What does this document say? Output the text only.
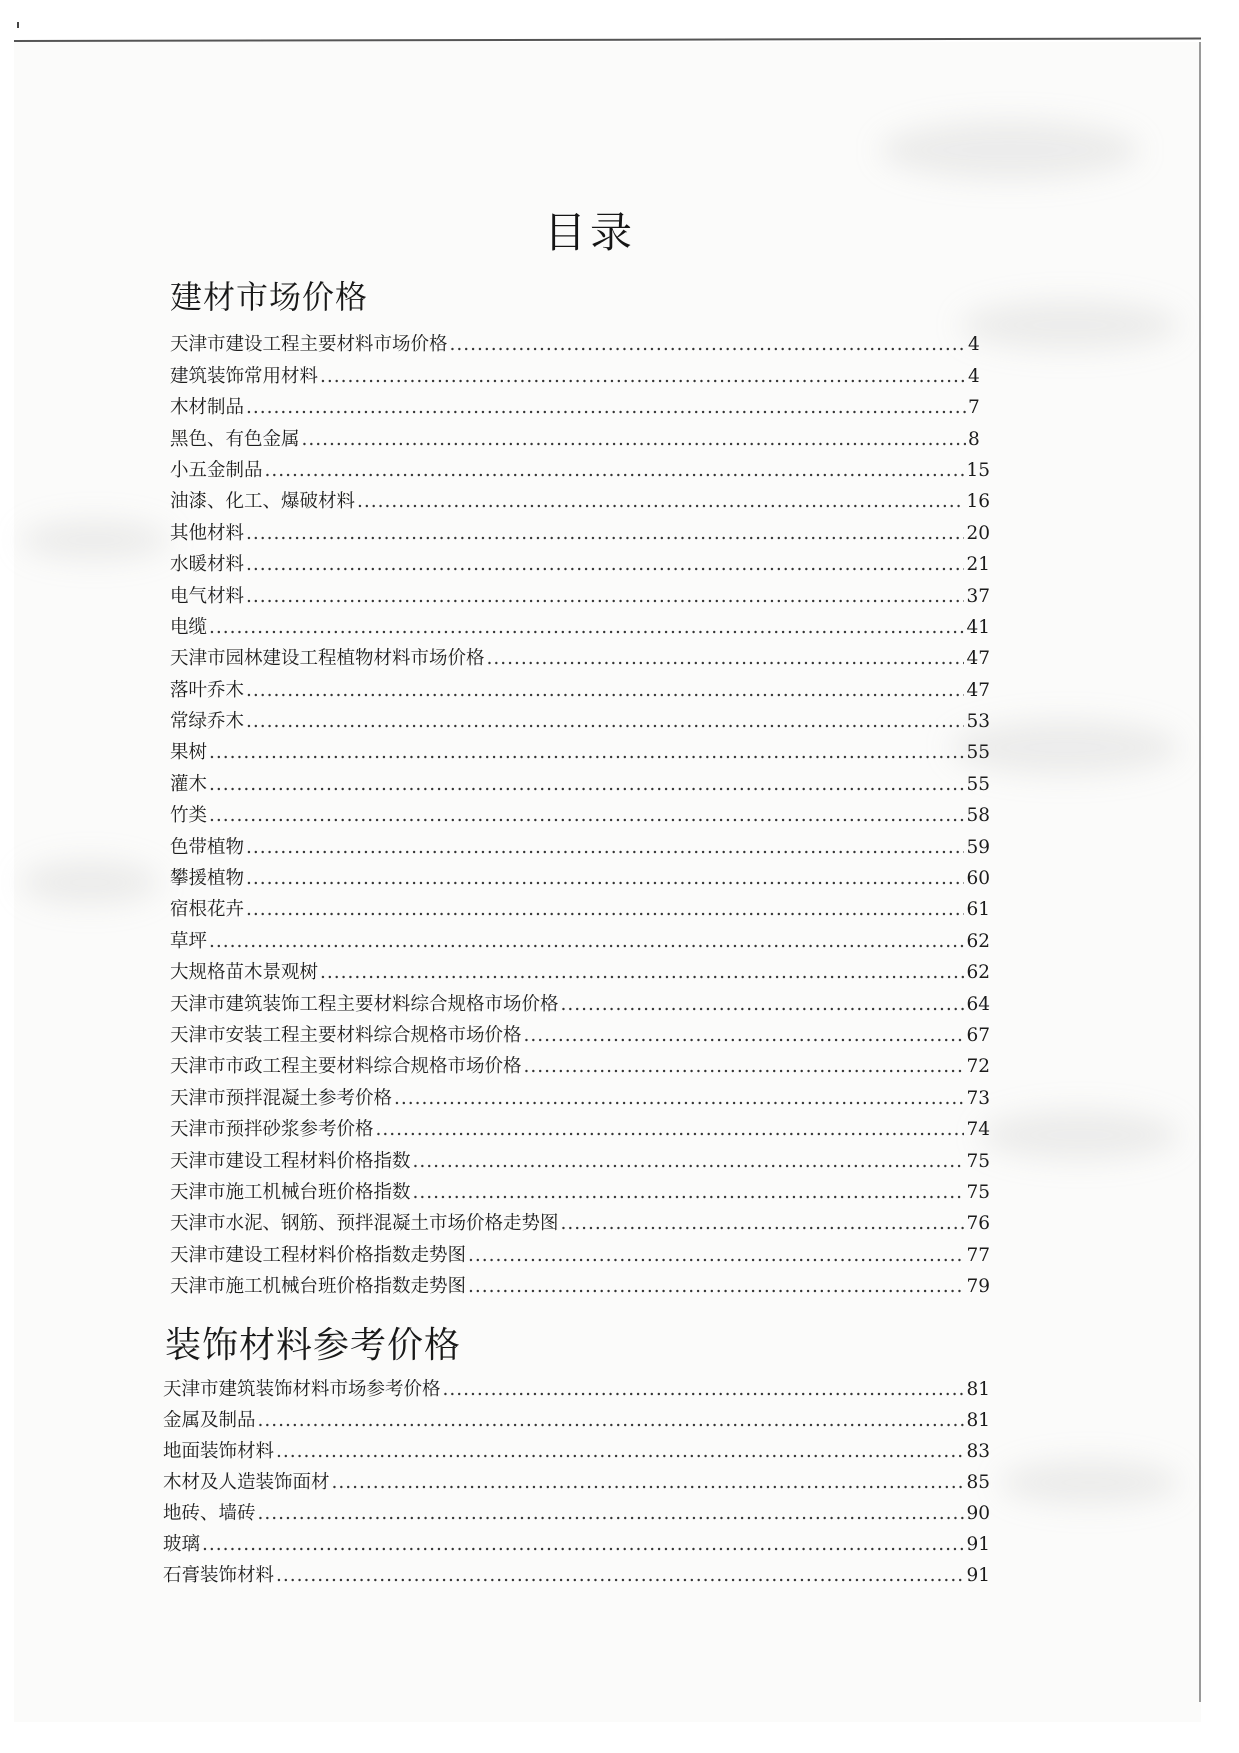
目录
建材市场价格
天津市建设工程主要材料市场价格 .....	4
建筑装饰常用材料 .....	4
木材制品 .....	7
黑色、有色金属 .....	8
小五金制品 .....	15
油漆、化工、爆破材料 .....	16
其他材料 .....	20
水暖材料 .....	21
电气材料 .....	37
电缆 .....	41
天津市园林建设工程植物材料市场价格 .....	47
落叶乔木 .....	47
常绿乔木 .....	53
果树 .....	55
灌木 .....	55
竹类 .....	58
色带植物 .....	59
攀援植物 .....	60
宿根花卉 .....	61
草坪 .....	62
大规格苗木景观树 .....	62
天津市建筑装饰工程主要材料综合规格市场价格 .....	64
天津市安装工程主要材料综合规格市场价格 .....	67
天津市市政工程主要材料综合规格市场价格 .....	72
天津市预拌混凝土参考价格 .....	73
天津市预拌砂浆参考价格 .....	74
天津市建设工程材料价格指数 .....	75
天津市施工机械台班价格指数 .....	75
天津市水泥、钢筋、预拌混凝土市场价格走势图 .....	76
天津市建设工程材料价格指数走势图 .....	77
天津市施工机械台班价格指数走势图 .....	79
装饰材料参考价格
天津市建筑装饰材料市场参考价格 .....	81
金属及制品 .....	81
地面装饰材料 .....	83
木材及人造装饰面材 .....	85
地砖、墙砖 .....	90
玻璃 .....	91
石膏装饰材料 .....	91
